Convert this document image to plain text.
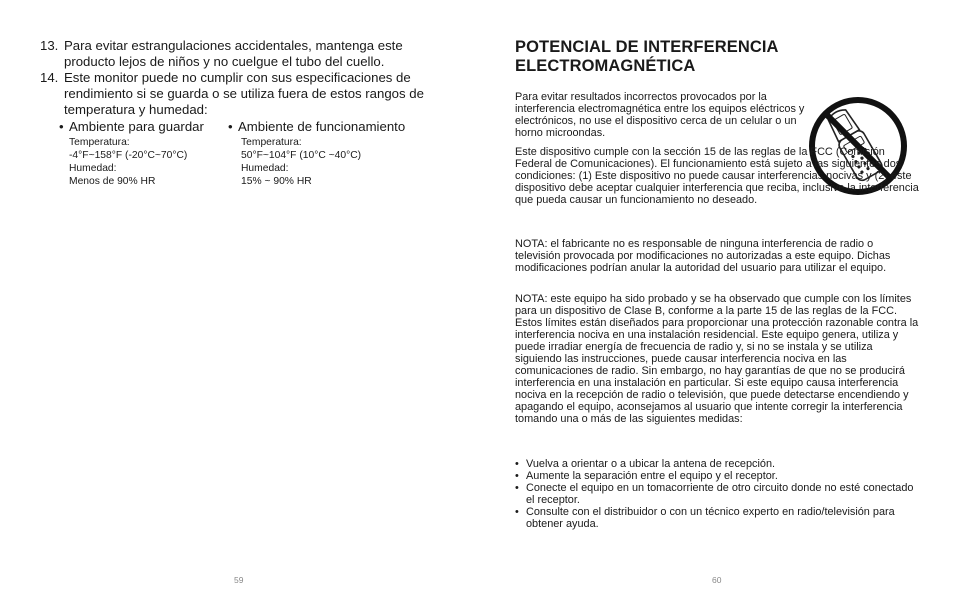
13. Para evitar estrangulaciones accidentales, mantenga este producto lejos de niños y no cuelgue el tubo del cuello.
14. Este monitor puede no cumplir con sus especificaciones de rendimiento si se guarda o se utiliza fuera de estos rangos de temperatura y humedad:
• Ambiente para guardar
Temperatura:
-4°F~158°F (-20°C~70°C)
Humedad:
Menos de 90% HR
• Ambiente de funcionamiento
Temperatura:
50°F~104°F (10°C ~40°C)
Humedad:
15% ~ 90% HR
59
POTENCIAL DE INTERFERENCIA ELECTROMAGNÉTICA
Para evitar resultados incorrectos provocados por la interferencia electromagnética entre los equipos eléctricos y electrónicos, no use el dispositivo cerca de un celular o un horno microondas.
Este dispositivo cumple con la sección 15 de las reglas de la FCC (Comisión Federal de Comunicaciones). El funcionamiento está sujeto a las siguientes dos condiciones: (1) Este dispositivo no puede causar interferencias nocivas y (2) este dispositivo debe aceptar cualquier interferencia que reciba, inclusive la interferencia que pueda causar un funcionamiento no deseado.
NOTA: el fabricante no es responsable de ninguna interferencia de radio o televisión provocada por modificaciones no autorizadas a este equipo. Dichas modificaciones podrían anular la autoridad del usuario para utilizar el equipo.
NOTA: este equipo ha sido probado y se ha observado que cumple con los límites para un dispositivo de Clase B, conforme a la parte 15 de las reglas de la FCC. Estos límites están diseñados para proporcionar una protección razonable contra la interferencia nociva en una instalación residencial. Este equipo genera, utiliza y puede irradiar energía de frecuencia de radio y, si no se instala y se utiliza siguiendo las instrucciones, puede causar interferencia nociva en las comunicaciones de radio. Sin embargo, no hay garantías de que no se producirá interferencia en una instalación en particular. Si este equipo causa interferencia nociva en la recepción de radio o televisión, que puede detectarse encendiendo y apagando el equipo, aconsejamos al usuario que intente corregir la interferencia tomando una o más de las siguientes medidas:
• Vuelva a orientar o a ubicar la antena de recepción.
• Aumente la separación entre el equipo y el receptor.
• Conecte el equipo en un tomacorriente de otro circuito donde no esté conectado el receptor.
• Consulte con el distribuidor o con un técnico experto en radio/televisión para obtener ayuda.
60
